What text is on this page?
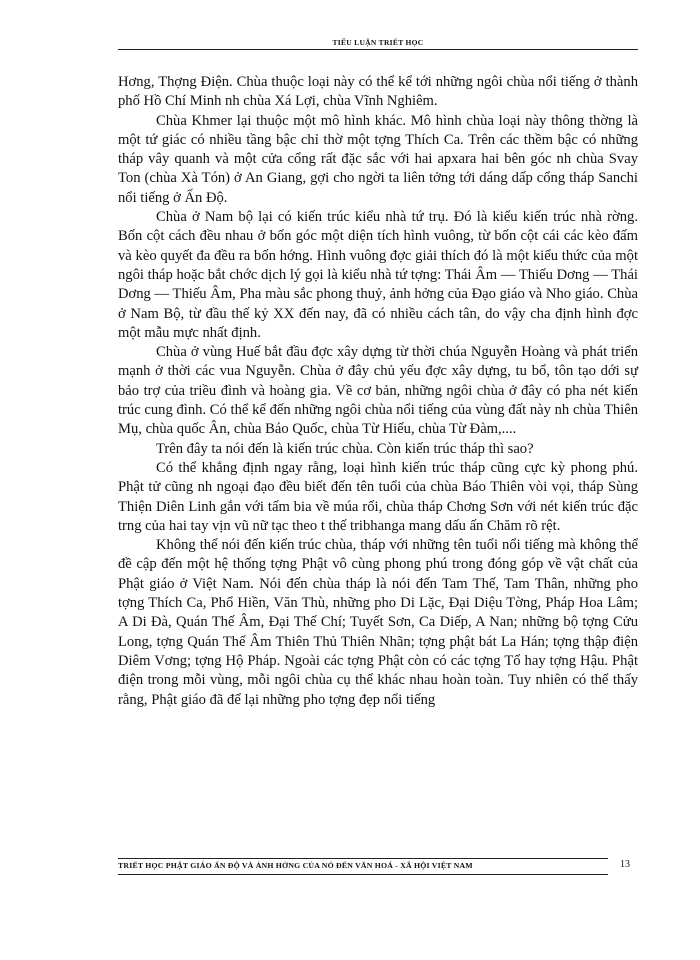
TIỂU LUẬN TRIẾT HỌC

Hơng, Thợng Điện. Chùa thuộc loại này có thể kể tới những ngôi chùa nổi tiếng ở thành phố Hồ Chí Minh nh chùa Xá Lợi, chùa Vĩnh Nghiêm.

Chùa Khmer lại thuộc một mô hình khác. Mô hình chùa loại này thông thờng là một tứ giác có nhiều tầng bậc chỉ thờ một tợng Thích Ca. Trên các thềm bậc có những tháp vây quanh và một cửa cổng rất đặc sắc với hai apxara hai bên góc nh chùa Svay Ton (chùa Xà Tón) ở An Giang, gợi cho ngời ta liên tởng tới dáng dấp cổng tháp Sanchi nổi tiếng ở Ấn Độ.

Chùa ở Nam bộ lại có kiến trúc kiểu nhà tứ trụ. Đó là kiểu kiến trúc nhà rờng. Bốn cột cách đều nhau ở bốn góc một diện tích hình vuông, từ bốn cột cái các kèo đấm và kèo quyết đa đều ra bốn hớng. Hình vuông đợc giải thích đó là một kiểu thức của một ngôi tháp hoặc bắt chớc dịch lý gọi là kiểu nhà tứ tợng: Thái Âm — Thiếu Dơng — Thái Dơng — Thiếu Âm, Pha màu sắc phong thuỷ, ảnh hởng của Đạo giáo và Nho giáo. Chùa ở Nam Bộ, từ đầu thế kỷ XX đến nay, đã có nhiều cách tân, do vậy cha định hình đợc một mẫu mực nhất định.

Chùa ở vùng Huế bắt đầu đợc xây dựng từ thời chúa Nguyễn Hoàng và phát triển mạnh ở thời các vua Nguyễn. Chùa ở đây chủ yếu đợc xây dựng, tu bổ, tôn tạo dới sự bảo trợ của triều đình và hoàng gia. Về cơ bản, những ngôi chùa ở đây có pha nét kiến trúc cung đình. Có thể kể đến những ngôi chùa nổi tiếng của vùng đất này nh chùa Thiên Mụ, chùa quốc Ân, chùa Báo Quốc, chùa Từ Hiếu, chùa Từ Đàm,....

Trên đây ta nói đến là kiến trúc chùa. Còn kiến trúc tháp thì sao?

Có thể khẳng định ngay rằng, loại hình kiến trúc tháp cũng cực kỳ phong phú. Phật tử cũng nh ngoại đạo đều biết đến tên tuổi của chùa Báo Thiên vòi vọi, tháp Sùng Thiện Diên Linh gắn với tấm bia về múa rối, chùa tháp Chơng Sơn với nét kiến trúc đặc trng của hai tay vịn vũ nữ tạc theo t thế tribhanga mang dấu ấn Chăm rõ rệt.

Không thể nói đến kiến trúc chùa, tháp với những tên tuổi nổi tiếng mà không thể đề cập đến một hệ thống tợng Phật vô cùng phong phú trong đóng góp về vật chất của Phật giáo ở Việt Nam. Nói đến chùa tháp là nói đến Tam Thế, Tam Thân, những pho tợng Thích Ca, Phổ Hiền, Văn Thù, những pho Di Lặc, Đại Diệu Tờng, Pháp Hoa Lâm; A Di Đà, Quán Thế Âm, Đại Thế Chí; Tuyết Sơn, Ca Diếp, A Nan; những bộ tợng Cửu Long, tợng Quán Thế Âm Thiên Thủ Thiên Nhãn; tợng phật bát La Hán; tợng thập điện Diêm Vơng; tợng Hộ Pháp. Ngoài các tợng Phật còn có các tợng Tổ hay tợng Hậu. Phật điện trong mỗi vùng, mỗi ngôi chùa cụ thể khác nhau hoàn toàn. Tuy nhiên có thể thấy rằng, Phật giáo đã để lại những pho tợng đẹp nổi tiếng

TRIẾT HỌC PHẬT GIÁO ẤN ĐỘ VÀ ẢNH HỞNG CỦA NÓ ĐẾN VĂN HOÁ - XÃ HỘI VIỆT NAM	13
